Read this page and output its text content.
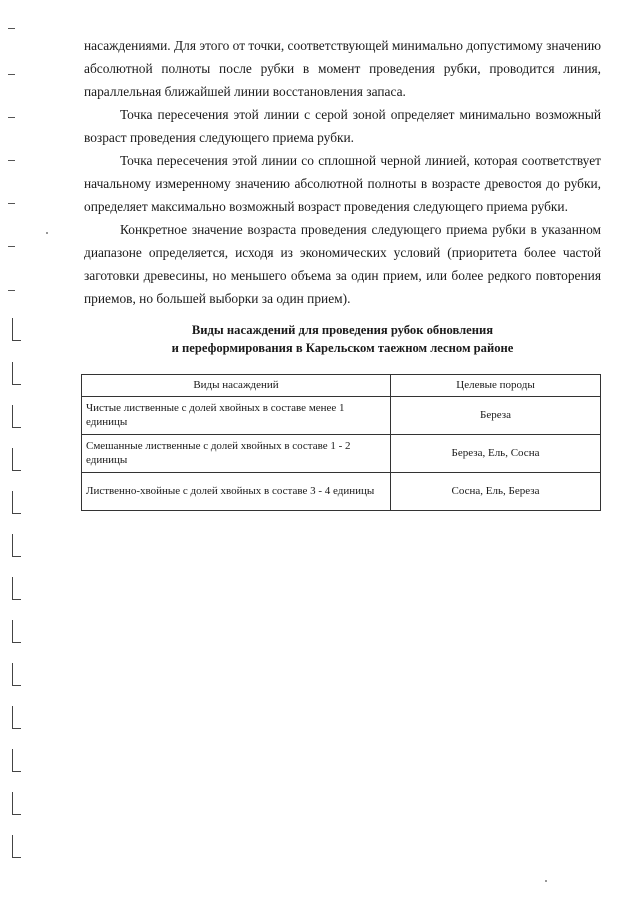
насаждениями. Для этого от точки, соответствующей минимально допустимому значению абсолютной полноты после рубки в момент проведения рубки, проводится линия, параллельная ближайшей линии восстановления запаса.

Точка пересечения этой линии с серой зоной определяет минимально возможный возраст проведения следующего приема рубки.

Точка пересечения этой линии со сплошной черной линией, которая соответствует начальному измеренному значению абсолютной полноты в возрасте древостоя до рубки, определяет максимально возможный возраст проведения следующего приема рубки.

Конкретное значение возраста проведения следующего приема рубки в указанном диапазоне определяется, исходя из экономических условий (приоритета более частой заготовки древесины, но меньшего объема за один прием, или более редкого повторения приемов, но большей выборки за один прием).

Виды насаждений для проведения рубок обновления
и переформирования в Карельском таежном лесном районе
Виды насаждений	Целевые породы
Чистые лиственные с долей хвойных в составе менее 1 единицы	Береза
Смешанные лиственные с долей хвойных в составе 1 - 2 единицы	Береза, Ель, Сосна
Лиственно-хвойные с долей хвойных в составе 3 - 4 единицы	Сосна, Ель, Береза
